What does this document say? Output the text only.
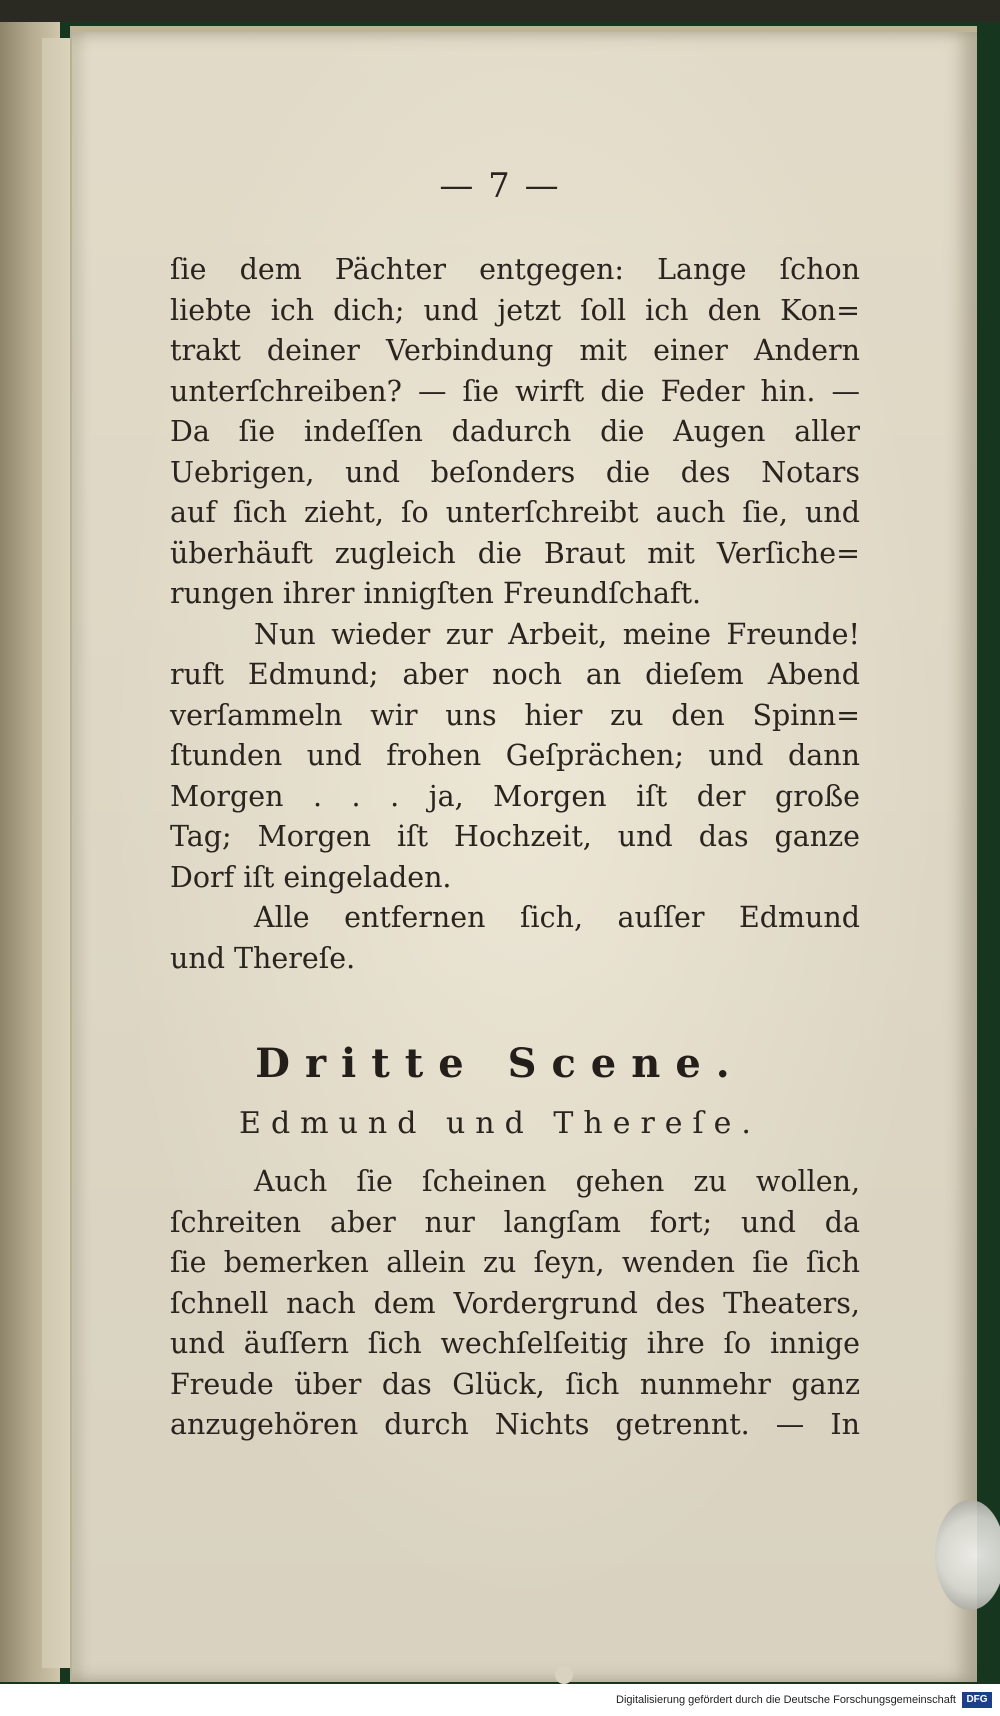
— 7 —
ſie dem Pächter entgegen: Lange ſchon
liebte ich dich; und jetzt ſoll ich den Kon=
trakt deiner Verbindung mit einer Andern
unterſchreiben? — ſie wirft die Feder hin. —
Da ſie indeſſen dadurch die Augen aller
Uebrigen, und beſonders die des Notars
auf ſich zieht, ſo unterſchreibt auch ſie, und
überhäuft zugleich die Braut mit Verſiche=
rungen ihrer innigſten Freundſchaft.
Nun wieder zur Arbeit, meine Freunde!
ruft Edmund; aber noch an dieſem Abend
verſammeln wir uns hier zu den Spinn=
ſtunden und frohen Geſprächen; und dann
Morgen . . . ja, Morgen iſt der große
Tag; Morgen iſt Hochzeit, und das ganze
Dorf iſt eingeladen.
Alle entfernen ſich, auſſer Edmund
und Thereſe.
Dritte Scene.
Edmund und Thereſe.
Auch ſie ſcheinen gehen zu wollen,
ſchreiten aber nur langſam fort; und da
ſie bemerken allein zu ſeyn, wenden ſie ſich
ſchnell nach dem Vordergrund des Theaters,
und äuſſern ſich wechſelſeitig ihre ſo innige
Freude über das Glück, ſich nunmehr ganz
anzugehören durch Nichts getrennt. — In
Digitalisierung gefördert durch die Deutsche Forschungsgemeinschaft	DFG
